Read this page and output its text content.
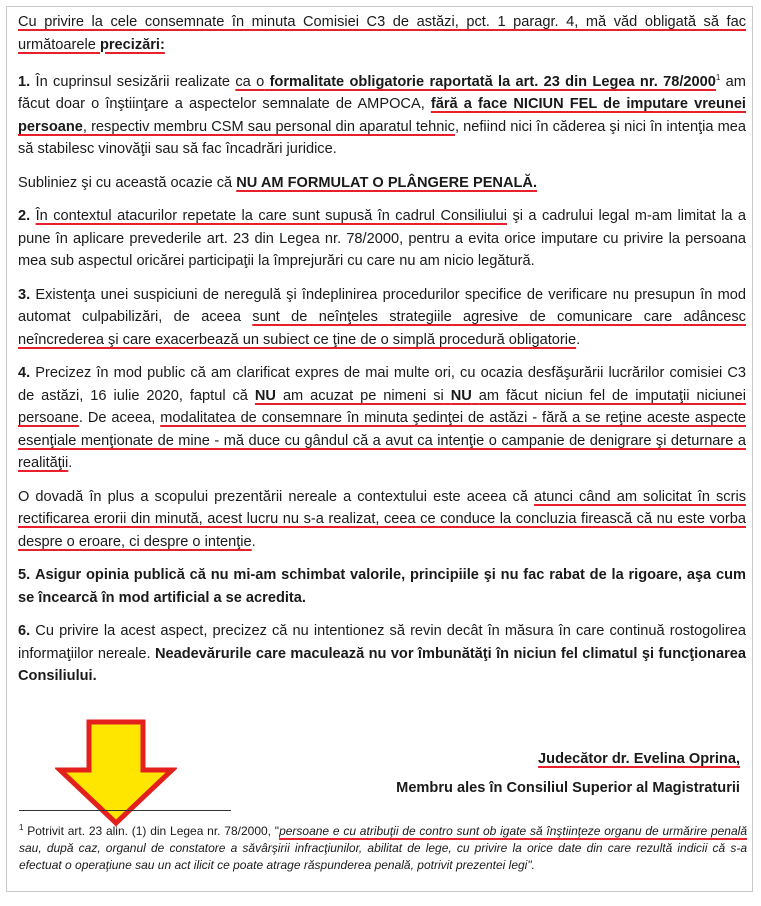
Cu privire la cele consemnate în minuta Comisiei C3 de astăzi, pct. 1 paragr. 4, mă văd obligată să fac următoarele precizări:

1. În cuprinsul sesizării realizate ca o formalitate obligatorie raportată la art. 23 din Legea nr. 78/2000$^1$ am făcut doar o înştiinţare a aspectelor semnalate de AMPOCA, fără a face NICIUN FEL de imputare vreunei persoane, respectiv membru CSM sau personal din aparatul tehnic, nefiind nici în căderea şi nici în intenţia mea să stabilesc vinovăţii sau să fac încadrări juridice.

Subliniez şi cu această ocazie că NU AM FORMULAT O PLÂNGERE PENALĂ.

2. În contextul atacurilor repetate la care sunt supusă în cadrul Consiliului şi a cadrului legal m-am limitat la a pune în aplicare prevederile art. 23 din Legea nr. 78/2000, pentru a evita orice imputare cu privire la persoana mea sub aspectul oricărei participaţii la împrejurări cu care nu am nicio legătură.

3. Existenţa unei suspiciuni de neregulă şi îndeplinirea procedurilor specifice de verificare nu presupun în mod automat culpabilizări, de aceea sunt de neînţeles strategiile agresive de comunicare care adâncesc neîncrederea şi care exacerbează un subiect ce ţine de o simplă procedură obligatorie.

4. Precizez în mod public că am clarificat expres de mai multe ori, cu ocazia desfăşurării lucrărilor comisiei C3 de astăzi, 16 iulie 2020, faptul că NU am acuzat pe nimeni si NU am făcut niciun fel de imputaţii niciunei persoane. De aceea, modalitatea de consemnare în minuta şedinţei de astăzi - fără a se reţine aceste aspecte esenţiale menţionate de mine - mă duce cu gândul că a avut ca intenţie o campanie de denigrare şi deturnare a realităţii.

O dovadă în plus a scopului prezentării nereale a contextului este aceea că atunci când am solicitat în scris rectificarea erorii din minută, acest lucru nu s-a realizat, ceea ce conduce la concluzia firească că nu este vorba despre o eroare, ci despre o intenţie.

5. Asigur opinia publică că nu mi-am schimbat valorile, principiile şi nu fac rabat de la rigoare, aşa cum se încearcă în mod artificial a se acredita.

6. Cu privire la acest aspect, precizez că nu intentionez să revin decât în măsura în care continuă rostogolirea informaţiilor nereale. Neadevărurile care maculează nu vor îmbunătăţi în niciun fel climatul şi funcţionarea Consiliului.

Judecător dr. Evelina Oprina,
Membru ales în Consiliul Superior al Magistraturii
$^1$ Potrivit art. 23 alin. (1) din Legea nr. 78/2000, "persoane e cu atribuţii de contro sunt ob igate să înştiinţeze organu de urmărire penală sau, după caz, organul de constatore a săvârşirii infracţiunilor, abilitat de lege, cu privire la orice date din care rezultă indicii că s-a efectuat o operaţiune sau un act ilicit ce poate atrage răspunderea penală, potrivit prezentei legi".
